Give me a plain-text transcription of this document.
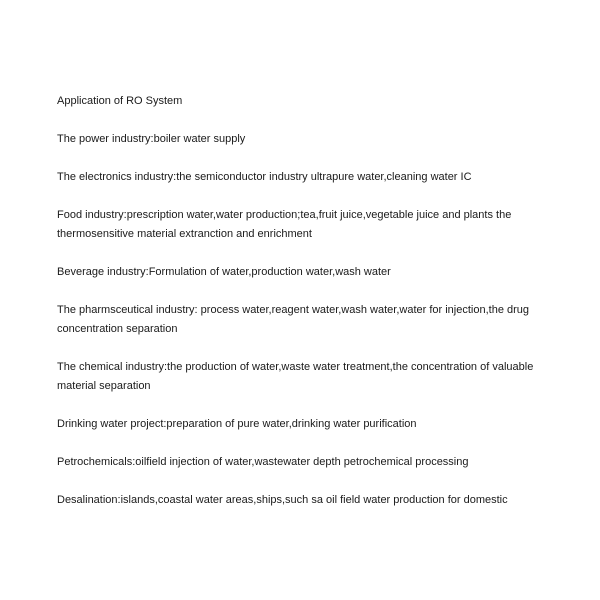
Application of RO System
The power industry:boiler water supply
The electronics industry:the semiconductor industry ultrapure water,cleaning water IC
Food industry:prescription water,water production;tea,fruit juice,vegetable juice and plants the thermosensitive material extranction and enrichment
Beverage industry:Formulation of water,production water,wash water
The pharmsceutical industry: process water,reagent water,wash water,water for injection,the drug concentration separation
The chemical industry:the production of water,waste water treatment,the concentration of valuable material separation
Drinking water project:preparation of pure water,drinking water purification
Petrochemicals:oilfield injection of water,wastewater depth petrochemical processing
Desalination:islands,coastal water areas,ships,such sa oil field water production for domestic
